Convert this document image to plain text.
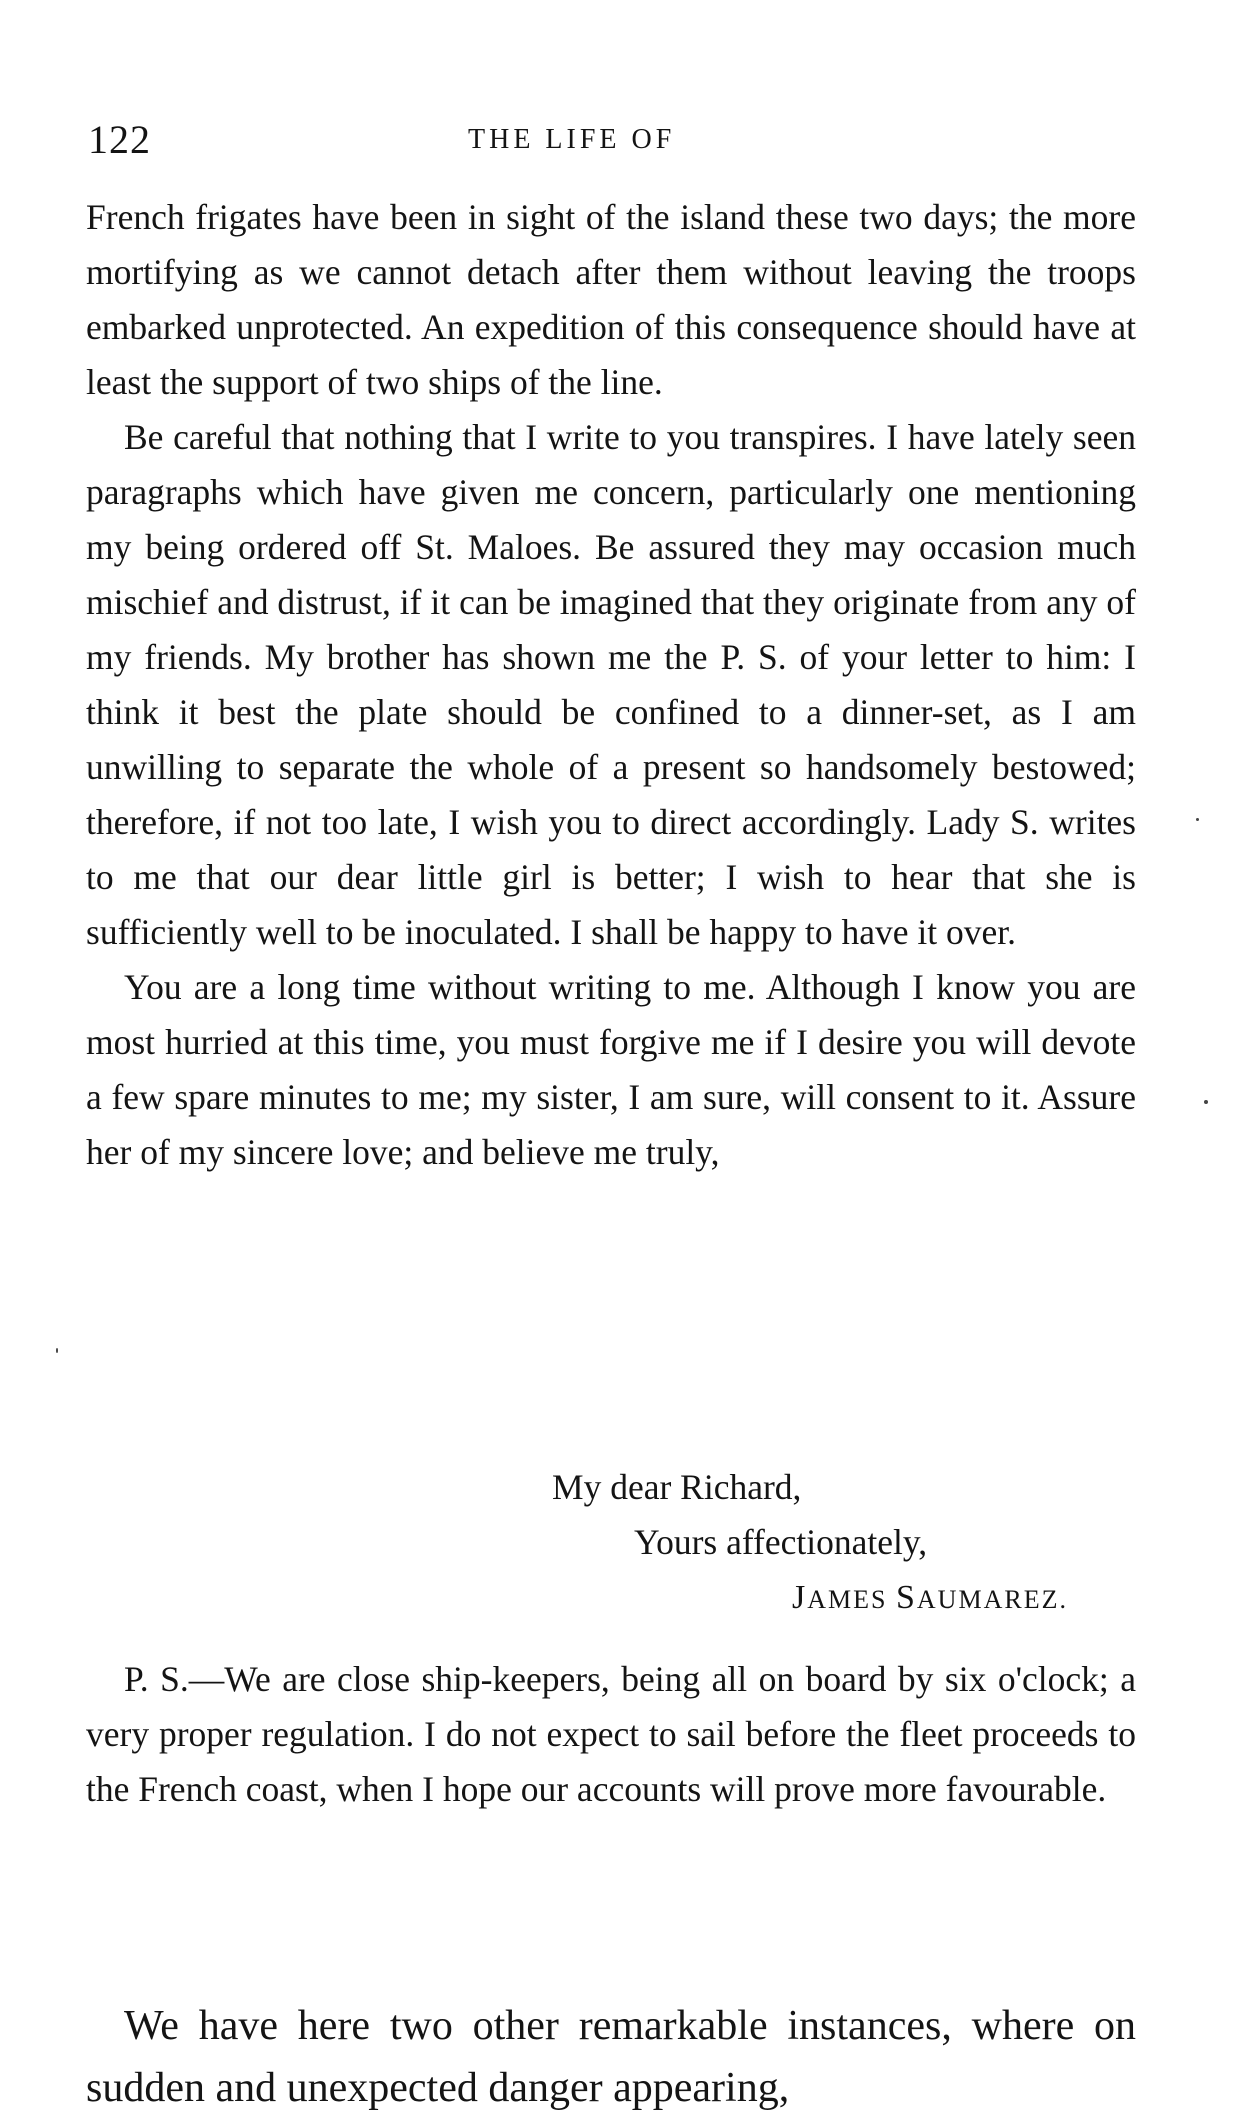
122	THE LIFE OF

French frigates have been in sight of the island these two days; the more mortifying as we cannot detach after them without leaving the troops embarked unprotected. An expedition of this consequence should have at least the support of two ships of the line.

Be careful that nothing that I write to you transpires. I have lately seen paragraphs which have given me concern, particularly one mentioning my being ordered off St. Maloes. Be assured they may occasion much mischief and distrust, if it can be imagined that they originate from any of my friends. My brother has shown me the P. S. of your letter to him: I think it best the plate should be confined to a dinner-set, as I am unwilling to separate the whole of a present so handsomely bestowed; therefore, if not too late, I wish you to direct accordingly. Lady S. writes to me that our dear little girl is better; I wish to hear that she is sufficiently well to be inoculated. I shall be happy to have it over.

You are a long time without writing to me. Although I know you are most hurried at this time, you must forgive me if I desire you will devote a few spare minutes to me; my sister, I am sure, will consent to it. Assure her of my sincere love; and believe me truly,

My dear Richard,
Yours affectionately,
JAMES SAUMAREZ.

P. S.—We are close ship-keepers, being all on board by six o'clock; a very proper regulation. I do not expect to sail before the fleet proceeds to the French coast, when I hope our accounts will prove more favourable.

We have here two other remarkable instances, where on sudden and unexpected danger appearing,
